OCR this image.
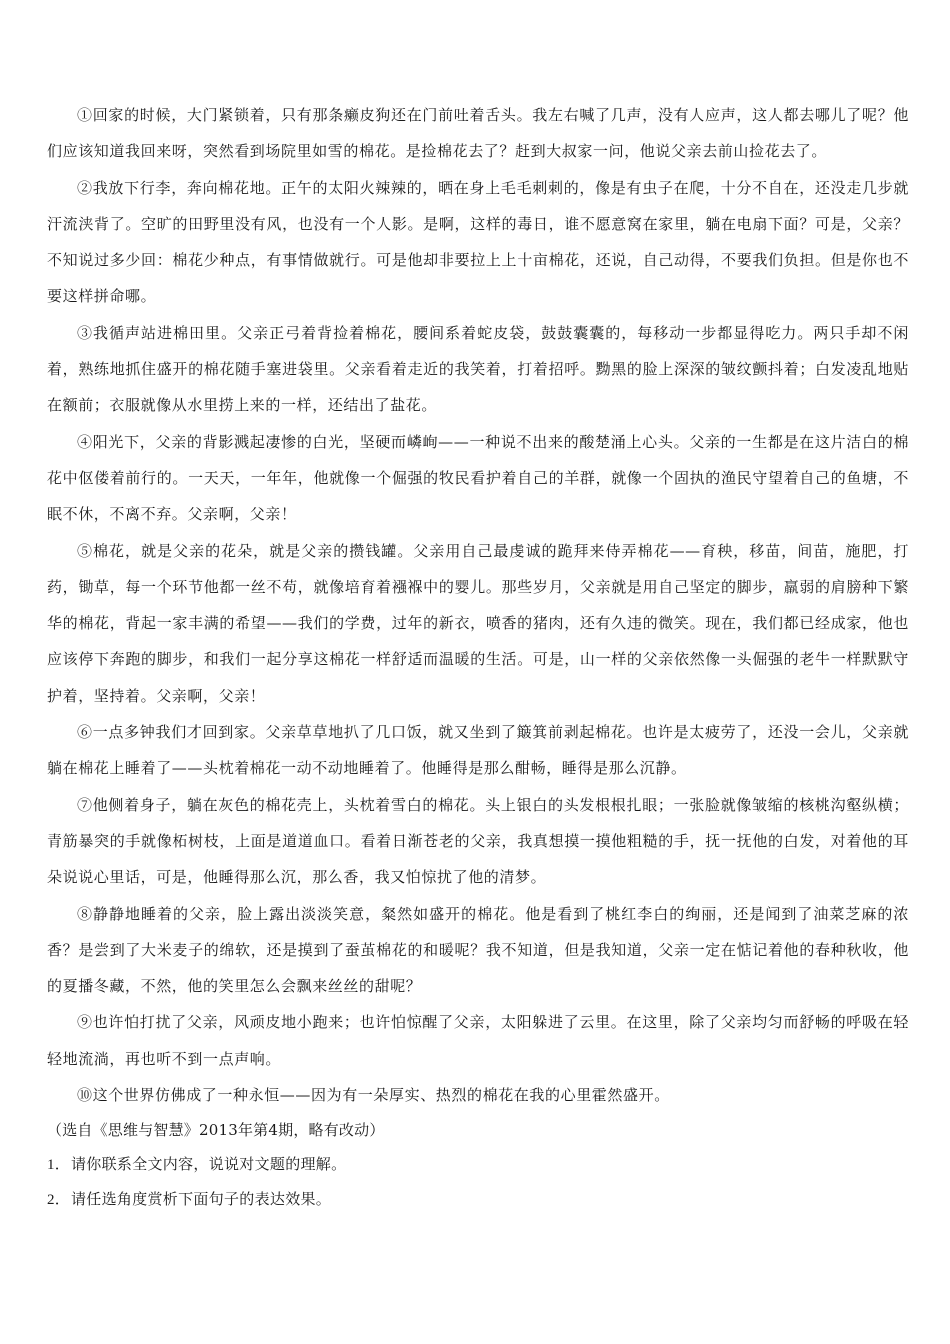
①回家的时候，大门紧锁着，只有那条癞皮狗还在门前吐着舌头。我左右喊了几声，没有人应声，这人都去哪儿了呢？他们应该知道我回来呀，突然看到场院里如雪的棉花。是捡棉花去了？赶到大叔家一问，他说父亲去前山捡花去了。

②我放下行李，奔向棉花地。正午的太阳火辣辣的，晒在身上毛毛刺刺的，像是有虫子在爬，十分不自在，还没走几步就汗流浃背了。空旷的田野里没有风，也没有一个人影。是啊，这样的毒日，谁不愿意窝在家里，躺在电扇下面？可是，父亲？不知说过多少回：棉花少种点，有事情做就行。可是他却非要拉上上十亩棉花，还说，自己动得，不要我们负担。但是你也不要这样拼命哪。

③我循声站进棉田里。父亲正弓着背捡着棉花，腰间系着蛇皮袋，鼓鼓囊囊的，每移动一步都显得吃力。两只手却不闲着，熟练地抓住盛开的棉花随手塞进袋里。父亲看着走近的我笑着，打着招呼。黝黑的脸上深深的皱纹颤抖着；白发凌乱地贴在额前；衣服就像从水里捞上来的一样，还结出了盐花。

④阳光下，父亲的背影溅起凄惨的白光，坚硬而嶙峋——一种说不出来的酸楚涌上心头。父亲的一生都是在这片洁白的棉花中伛偻着前行的。一天天，一年年，他就像一个倔强的牧民看护着自己的羊群，就像一个固执的渔民守望着自己的鱼塘，不眠不休，不离不弃。父亲啊，父亲！

⑤棉花，就是父亲的花朵，就是父亲的攒钱罐。父亲用自己最虔诚的跪拜来侍弄棉花——育秧，移苗，间苗，施肥，打药，锄草，每一个环节他都一丝不苟，就像培育着襁褓中的婴儿。那些岁月，父亲就是用自己坚定的脚步，羸弱的肩膀种下繁华的棉花，背起一家丰满的希望——我们的学费，过年的新衣，喷香的猪肉，还有久违的微笑。现在，我们都已经成家，他也应该停下奔跑的脚步，和我们一起分享这棉花一样舒适而温暖的生活。可是，山一样的父亲依然像一头倔强的老牛一样默默守护着，坚持着。父亲啊，父亲！

⑥一点多钟我们才回到家。父亲草草地扒了几口饭，就又坐到了簸箕前剥起棉花。也许是太疲劳了，还没一会儿，父亲就躺在棉花上睡着了——头枕着棉花一动不动地睡着了。他睡得是那么酣畅，睡得是那么沉静。

⑦他侧着身子，躺在灰色的棉花壳上，头枕着雪白的棉花。头上银白的头发根根扎眼；一张脸就像皱缩的核桃沟壑纵横；青筋暴突的手就像柘树枝，上面是道道血口。看着日渐苍老的父亲，我真想摸一摸他粗糙的手，抚一抚他的白发，对着他的耳朵说说心里话，可是，他睡得那么沉，那么香，我又怕惊扰了他的清梦。

⑧静静地睡着的父亲，脸上露出淡淡笑意，粲然如盛开的棉花。他是看到了桃红李白的绚丽，还是闻到了油菜芝麻的浓香？是尝到了大米麦子的绵软，还是摸到了蚕茧棉花的和暖呢？我不知道，但是我知道，父亲一定在惦记着他的春种秋收，他的夏播冬藏，不然，他的笑里怎么会飘来丝丝的甜呢？

⑨也许怕打扰了父亲，风顽皮地小跑来；也许怕惊醒了父亲，太阳躲进了云里。在这里，除了父亲均匀而舒畅的呼吸在轻轻地流淌，再也听不到一点声响。

⑩这个世界仿佛成了一种永恒——因为有一朵厚实、热烈的棉花在我的心里霍然盛开。

（选自《思维与智慧》2013年第4期，略有改动）

1．请你联系全文内容，说说对文题的理解。

2．请任选角度赏析下面句子的表达效果。
